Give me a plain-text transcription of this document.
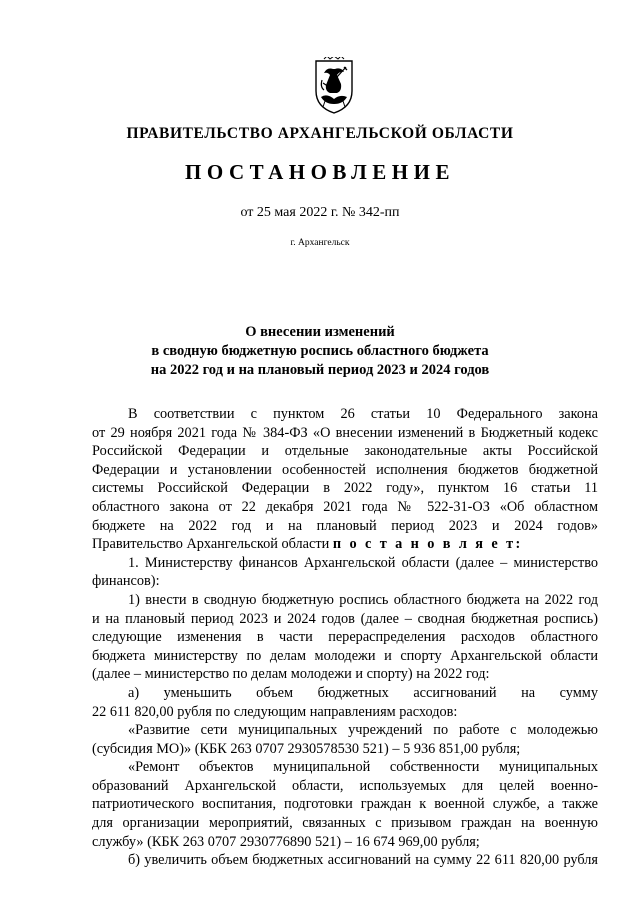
ПРАВИТЕЛЬСТВО АРХАНГЕЛЬСКОЙ ОБЛАСТИ
ПОСТАНОВЛЕНИЕ
от 25 мая 2022 г. № 342-пп
г. Архангельск
О внесении изменений
в сводную бюджетную роспись областного бюджета
на 2022 год и на плановый период 2023 и 2024 годов
В соответствии с пунктом 26 статьи 10 Федерального закона
от 29 ноября 2021 года № 384-ФЗ «О внесении изменений в Бюджетный кодекс
Российской Федерации и отдельные законодательные акты Российской
Федерации и установлении особенностей исполнения бюджетов бюджетной
системы Российской Федерации в 2022 году», пунктом 16 статьи 11
областного закона от 22 декабря 2021 года № 522-31-ОЗ «Об областном
бюджете на 2022 год и на плановый период 2023 и 2024 годов»
Правительство Архангельской области п о с т а н о в л я е т:
1. Министерству финансов Архангельской области (далее – министерство
финансов):
1) внести в сводную бюджетную роспись областного бюджета на 2022 год
и на плановый период 2023 и 2024 годов (далее – сводная бюджетная роспись)
следующие изменения в части перераспределения расходов областного
бюджета министерству по делам молодежи и спорту Архангельской области
(далее – министерство по делам молодежи и спорту) на 2022 год:
а) уменьшить объем бюджетных ассигнований на сумму
22 611 820,00 рубля по следующим направлениям расходов:
«Развитие сети муниципальных учреждений по работе с молодежью
(субсидия МО)» (КБК 263 0707 2930578530 521) – 5 936 851,00 рубля;
«Ремонт объектов муниципальной собственности муниципальных
образований Архангельской области, используемых для целей военно-
патриотического воспитания, подготовки граждан к военной службе, а также
для организации мероприятий, связанных с призывом граждан на военную
службу» (КБК 263 0707 2930776890 521) – 16 674 969,00 рубля;
б) увеличить объем бюджетных ассигнований на сумму 22 611 820,00 рубля
